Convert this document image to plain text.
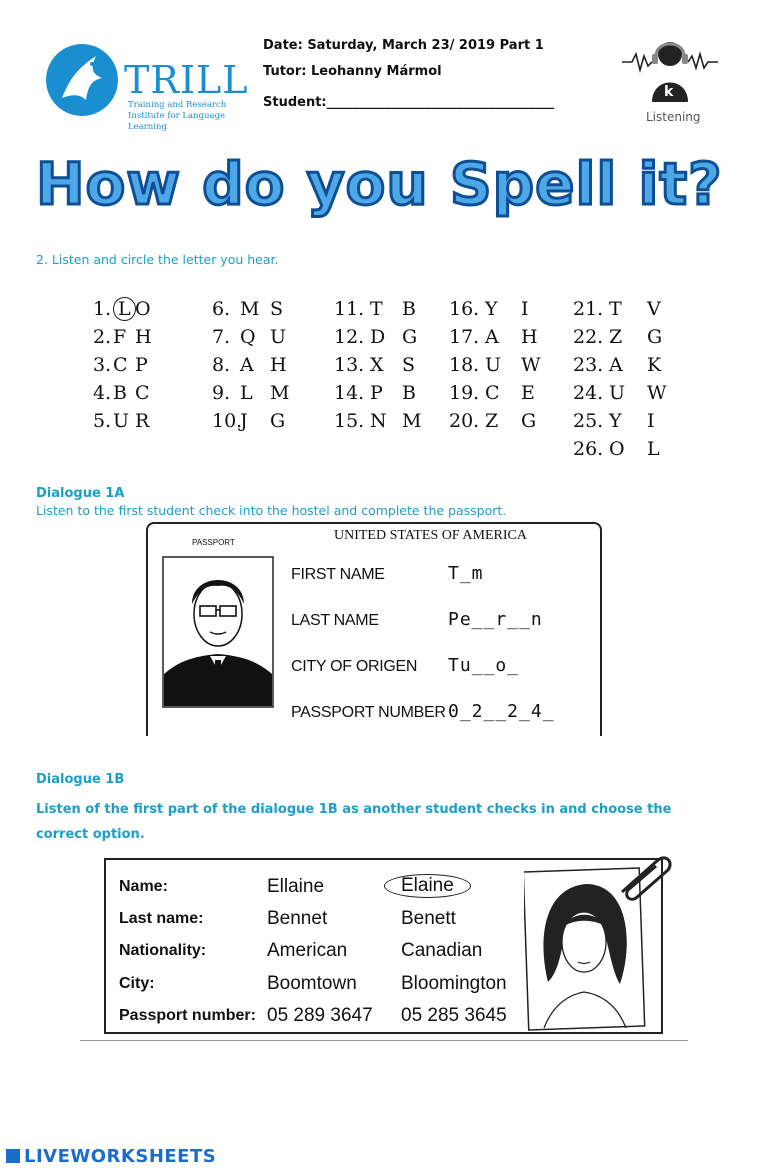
TRILL
Training and Research Institute for Language Learning
Date: Saturday, March 23/ 2019 Part 1
Tutor: Leohanny Mármol
Student:___________________________________
k
Listening
How do you Spell it?
2. Listen and circle the letter you hear.
1. L O
2.F H
3.C P
4.B C
5.U R
6. M S
7. Q U
8. A H
9. L M
10.J G
11. T B
12. D G
13. X S
14. P B
15. N M
16. Y I
17. A H
18. U W
19. C E
20. Z G
21. T V
22. Z G
23. A K
24. U W
25. Y I
26. O L
Dialogue 1A
Listen to the first student check into the hostel and complete the passport.
PASSPORT	UNITED STATES OF AMERICA
FIRST NAME	T_m
LAST NAME	Pe__r__n
CITY OF ORIGEN Tu__o_
PASSPORT NUMBER 0_2__2_4_
Dialogue 1B
Listen of the first part of the dialogue 1B as another student checks in and choose the correct option.
Name:	Ellaine	Elaine
Last name:	Bennet	Benett
Nationality:	American	Canadian
City:	Boomtown Bloomington
Passport number: 05 289 3647 05 285 3645
LIVEWORKSHEETS
